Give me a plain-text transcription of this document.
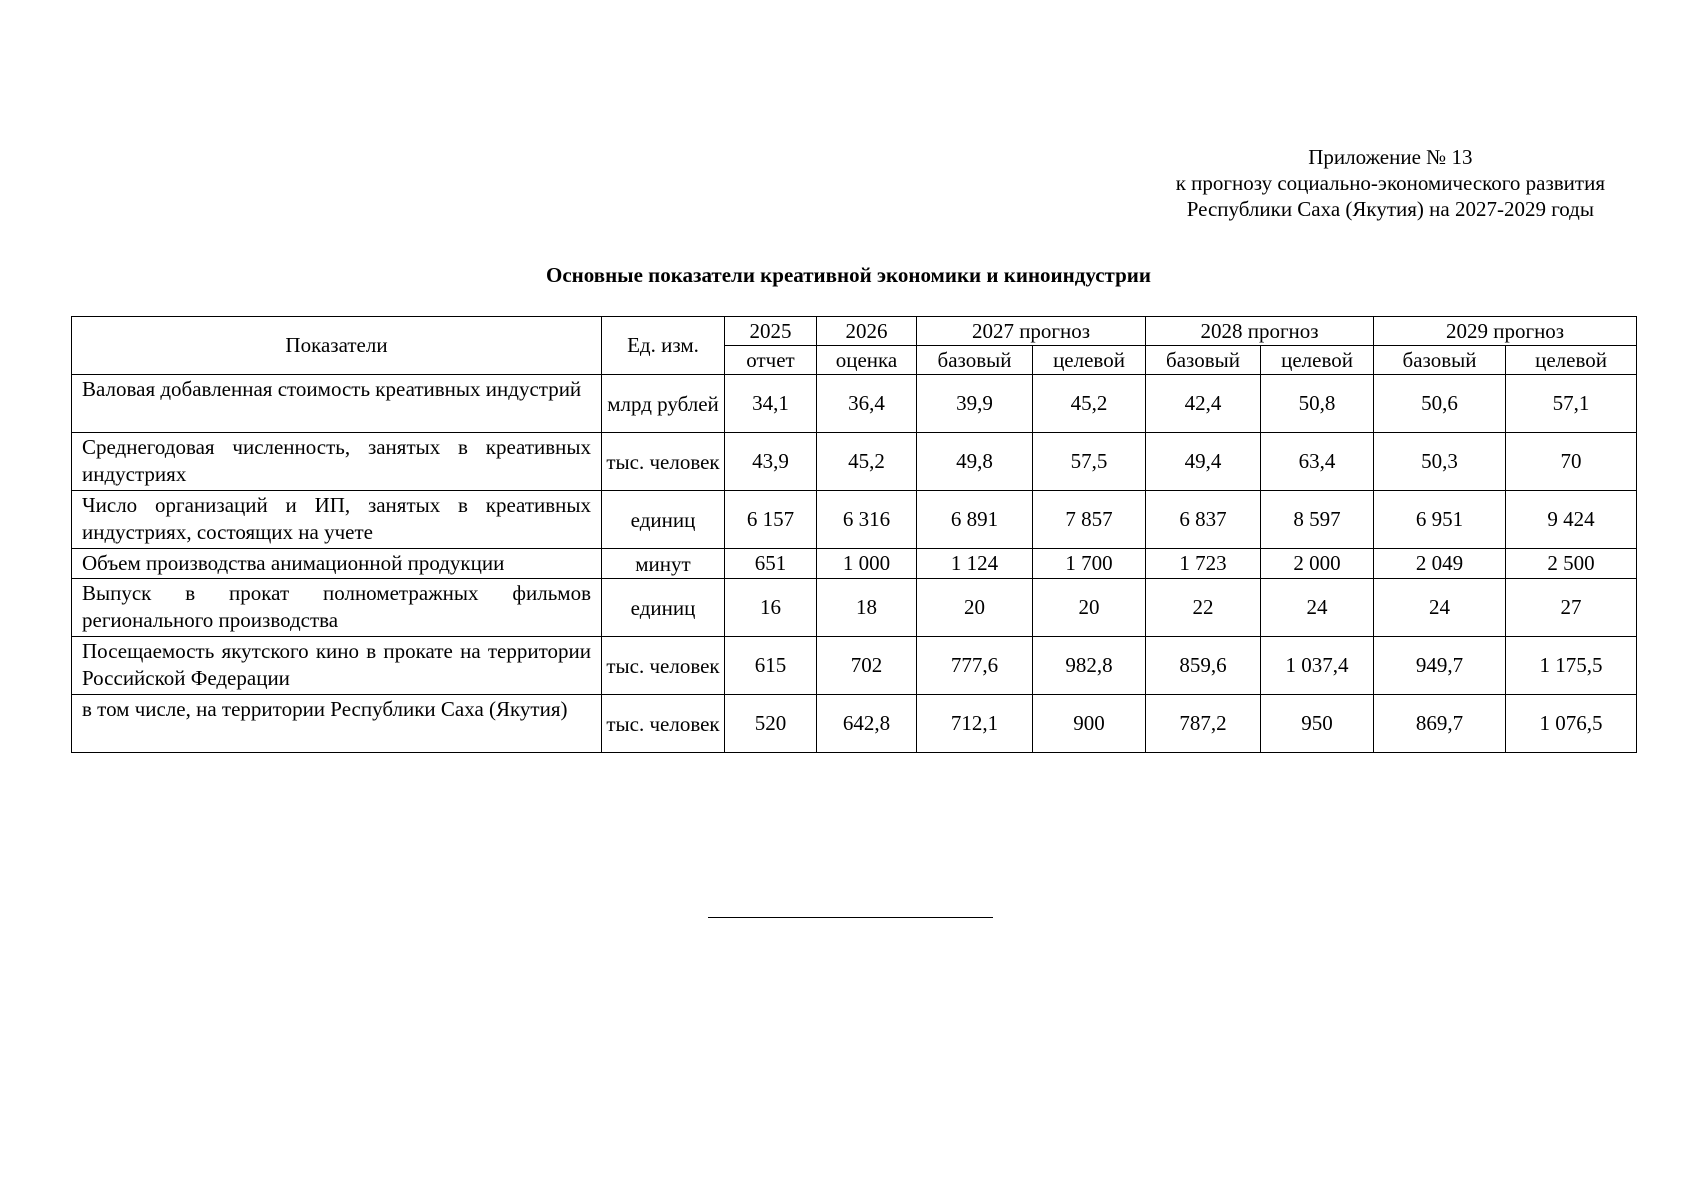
Приложение № 13
к прогнозу социально-экономического развития
Республики Саха (Якутия) на 2027-2029 годы
Основные показатели креативной экономики и киноиндустрии
Показатели	Ед. изм.	2025	2026	2027 прогноз		2028 прогноз		2029 прогноз	
		отчет	оценка	базовый	целевой	базовый	целевой	базовый	целевой
Валовая добавленная стоимость креативных индустрий	млрд рублей	34,1	36,4	39,9	45,2	42,4	50,8	50,6	57,1
Среднегодовая численность, занятых в креативных индустриях	тыс. человек	43,9	45,2	49,8	57,5	49,4	63,4	50,3	70
Число организаций и ИП, занятых в креативных индустриях, состоящих на учете	единиц	6 157	6 316	6 891	7 857	6 837	8 597	6 951	9 424
Объем производства анимационной продукции	минут	651	1 000	1 124	1 700	1 723	2 000	2 049	2 500
Выпуск в прокат полнометражных фильмов регионального производства	единиц	16	18	20	20	22	24	24	27
Посещаемость якутского кино в прокате на территории Российской Федерации	тыс. человек	615	702	777,6	982,8	859,6	1 037,4	949,7	1 175,5
в том числе, на территории Республики Саха (Якутия)	тыс. человек	520	642,8	712,1	900	787,2	950	869,7	1 076,5
